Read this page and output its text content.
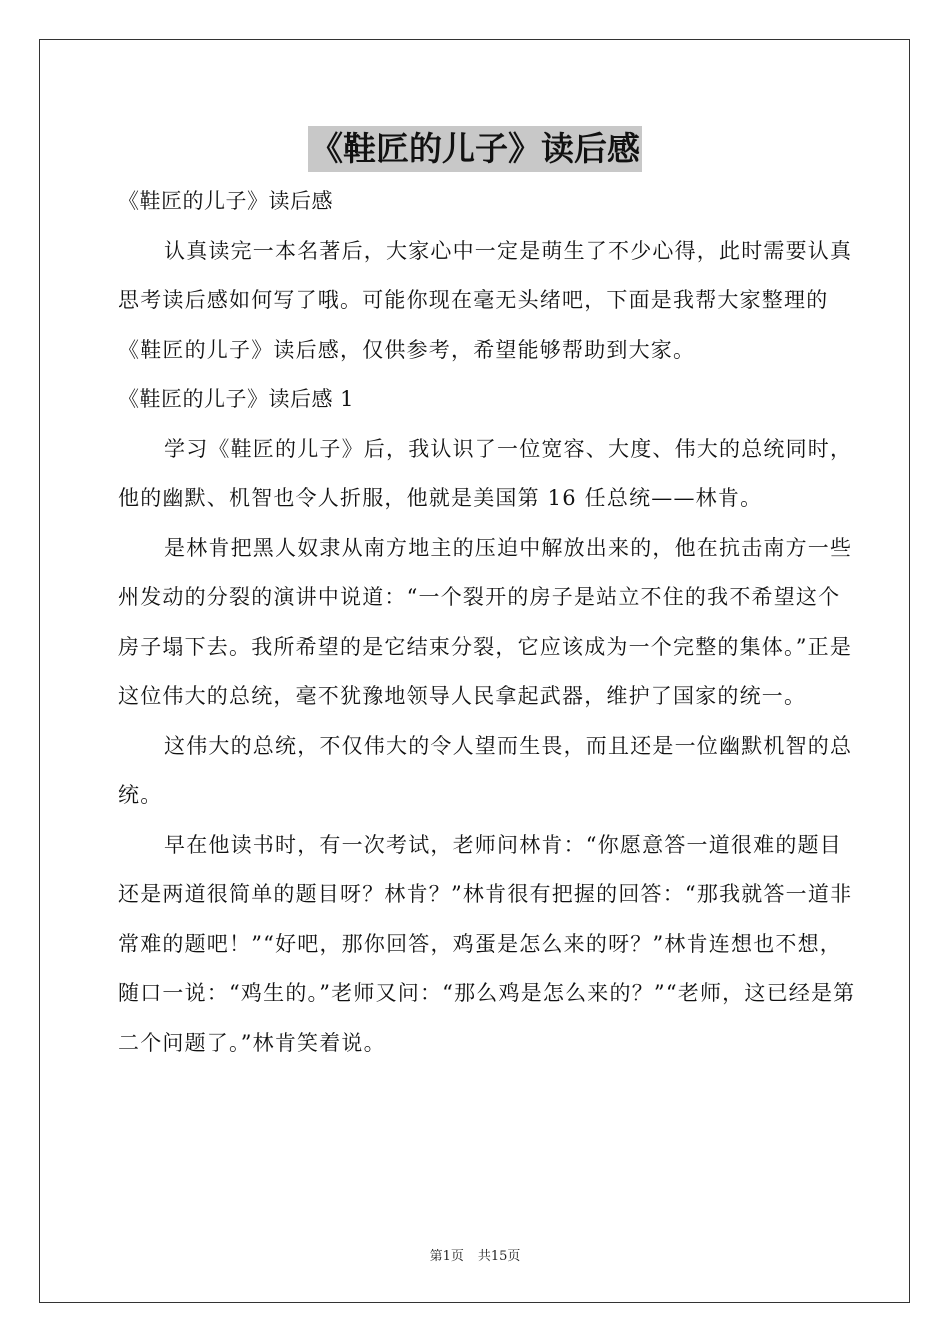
《鞋匠的儿子》读后感

《鞋匠的儿子》读后感

认真读完一本名著后，大家心中一定是萌生了不少心得，此时需要认真思考读后感如何写了哦。可能你现在毫无头绪吧，下面是我帮大家整理的《鞋匠的儿子》读后感，仅供参考，希望能够帮助到大家。

《鞋匠的儿子》读后感 1

学习《鞋匠的儿子》后，我认识了一位宽容、大度、伟大的总统同时，他的幽默、机智也令人折服，他就是美国第 16 任总统——林肯。

是林肯把黑人奴隶从南方地主的压迫中解放出来的，他在抗击南方一些州发动的分裂的演讲中说道：“一个裂开的房子是站立不住的我不希望这个房子塌下去。我所希望的是它结束分裂，它应该成为一个完整的集体。”正是这位伟大的总统，毫不犹豫地领导人民拿起武器，维护了国家的统一。

这伟大的总统，不仅伟大的令人望而生畏，而且还是一位幽默机智的总统。

早在他读书时，有一次考试，老师问林肯：“你愿意答一道很难的题目还是两道很简单的题目呀？林肯？”林肯很有把握的回答：“那我就答一道非常难的题吧！”“好吧，那你回答，鸡蛋是怎么来的呀？”林肯连想也不想，随口一说：“鸡生的。”老师又问：“那么鸡是怎么来的？”“老师，这已经是第二个问题了。”林肯笑着说。

第1页 共15页
